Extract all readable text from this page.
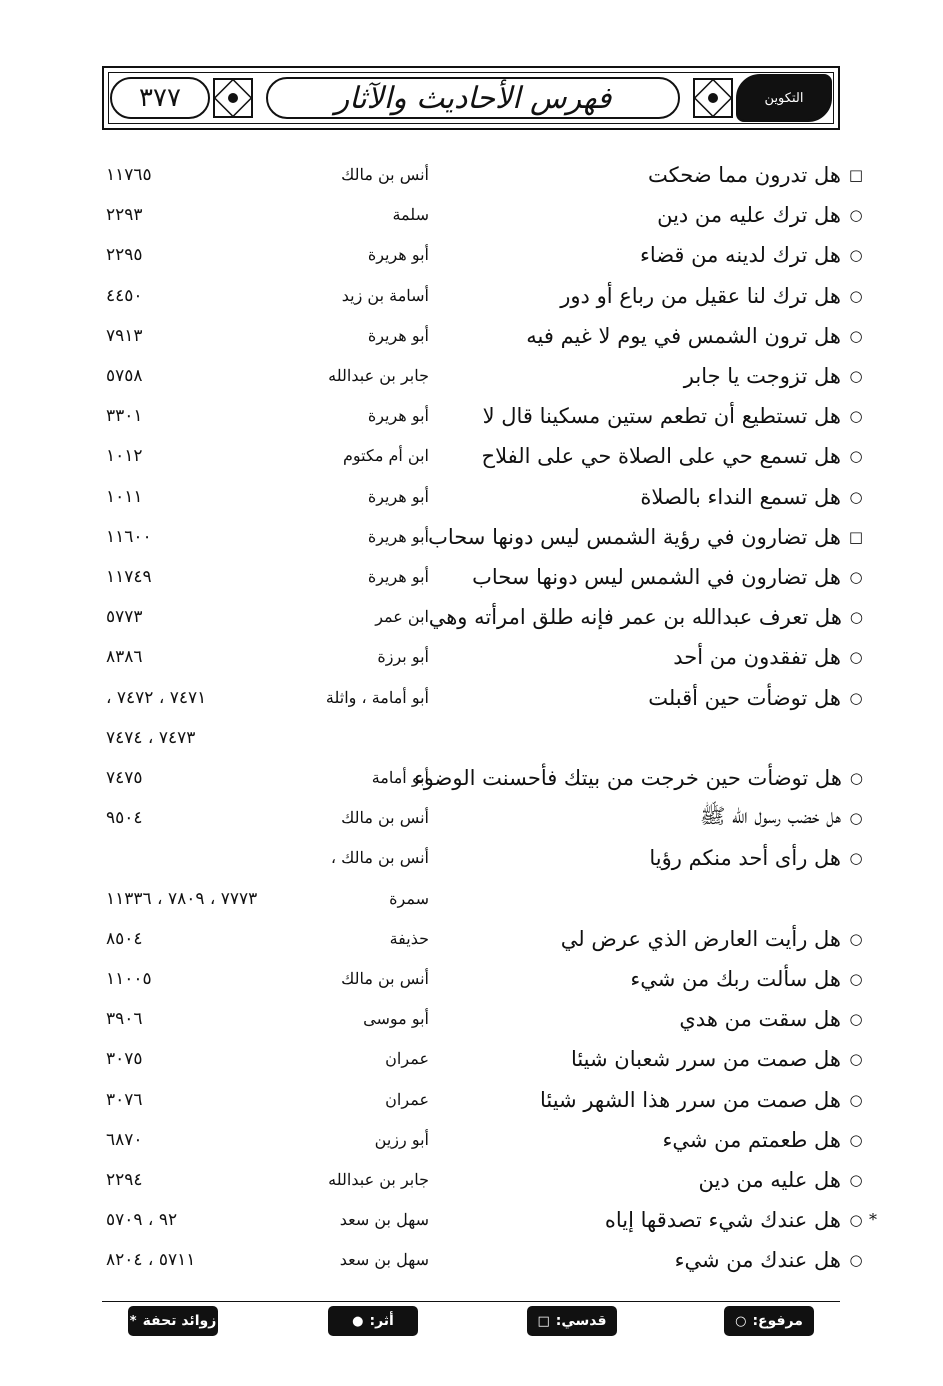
٣٧٧	فهرس الأحاديث والآثار	التكوين
□
هل تدرون مما ضحكت
أنس بن مالك
١١٧٦٥
○
هل ترك عليه من دين
سلمة
٢٢٩٣
○
هل ترك لدينه من قضاء
أبو هريرة
٢٢٩٥
○
هل ترك لنا عقيل من رباع أو دور
أسامة بن زيد
٤٤٥٠
○
هل ترون الشمس في يوم لا غيم فيه
أبو هريرة
٧٩١٣
○
هل تزوجت يا جابر
جابر بن عبدالله
٥٧٥٨
○
هل تستطيع أن تطعم ستين مسكينا قال لا
أبو هريرة
٣٣٠١
○
هل تسمع حي على الصلاة حي على الفلاح
ابن أم مكتوم
١٠١٢
○
هل تسمع النداء بالصلاة
أبو هريرة
١٠١١
□
هل تضارون في رؤية الشمس ليس دونها سحاب
أبو هريرة
١١٦٠٠
○
هل تضارون في الشمس ليس دونها سحاب
أبو هريرة
١١٧٤٩
○
هل تعرف عبدالله بن عمر فإنه طلق امرأته وهي
ابن عمر
٥٧٧٣
○
هل تفقدون من أحد
أبو برزة
٨٣٨٦
○
هل توضأت حين أقبلت
أبو أمامة ، واثلة
٧٤٧١ ، ٧٤٧٢ ،
٧٤٧٣ ، ٧٤٧٤
○
هل توضأت حين خرجت من بيتك فأحسنت الوضوء
أبو أمامة
٧٤٧٥
○
هل خضب رسول الله ﷺ
أنس بن مالك
٩٥٠٤
○
هل رأى أحد منكم رؤيا
أنس بن مالك ،
سمرة
٧٧٧٣ ، ٧٨٠٩ ، ١١٣٣٦
○
هل رأيت العارض الذي عرض لي
حذيفة
٨٥٠٤
○
هل سألت ربك من شيء
أنس بن مالك
١١٠٠٥
○
هل سقت من هدي
أبو موسى
٣٩٠٦
○
هل صمت من سرر شعبان شيئا
عمران
٣٠٧٥
○
هل صمت من سرر هذا الشهر شيئا
عمران
٣٠٧٦
○
هل طعمتم من شيء
أبو رزين
٦٨٧٠
○
هل عليه من دين
جابر بن عبدالله
٢٢٩٤
○
هل عندك شيء تصدقها إياه *
سهل بن سعد
٩٢ ، ٥٧٠٩
○
هل عندك من شيء
سهل بن سعد
٥٧١١ ، ٨٢٠٤
مرفوع:
○
قدسي:
□
أثر:
●
زوائد تحفة
*
